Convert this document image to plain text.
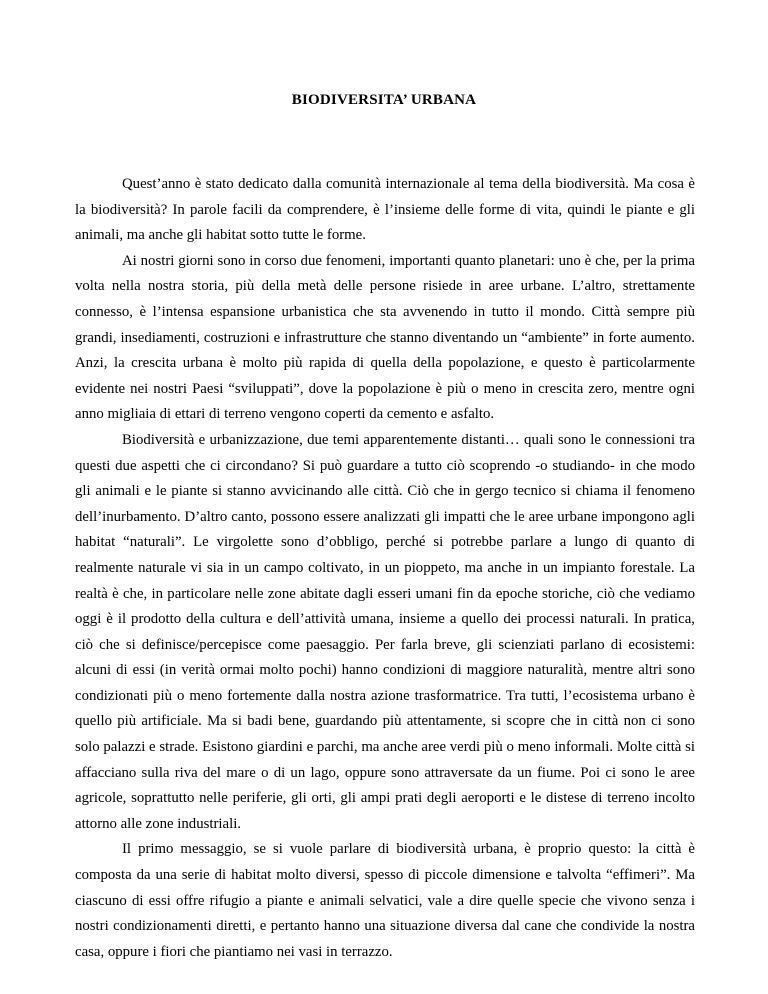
BIODIVERSITA’ URBANA

Quest’anno è stato dedicato dalla comunità internazionale al tema della biodiversità. Ma cosa è la biodiversità? In parole facili da comprendere, è l’insieme delle forme di vita, quindi le piante e gli animali, ma anche gli habitat sotto tutte le forme.

Ai nostri giorni sono in corso due fenomeni, importanti quanto planetari: uno è che, per la prima volta nella nostra storia, più della metà delle persone risiede in aree urbane. L’altro, strettamente connesso, è l’intensa espansione urbanistica che sta avvenendo in tutto il mondo. Città sempre più grandi, insediamenti, costruzioni e infrastrutture che stanno diventando un “ambiente” in forte aumento. Anzi, la crescita urbana è molto più rapida di quella della popolazione, e questo è particolarmente evidente nei nostri Paesi “sviluppati”, dove la popolazione è più o meno in crescita zero, mentre ogni anno migliaia di ettari di terreno vengono coperti da cemento e asfalto.

Biodiversità e urbanizzazione, due temi apparentemente distanti… quali sono le connessioni tra questi due aspetti che ci circondano? Si può guardare a tutto ciò scoprendo -o studiando- in che modo gli animali e le piante si stanno avvicinando alle città. Ciò che in gergo tecnico si chiama il fenomeno dell’inurbamento. D’altro canto, possono essere analizzati gli impatti che le aree urbane impongono agli habitat “naturali”. Le virgolette sono d’obbligo, perché si potrebbe parlare a lungo di quanto di realmente naturale vi sia in un campo coltivato, in un pioppeto, ma anche in un impianto forestale. La realtà è che, in particolare nelle zone abitate dagli esseri umani fin da epoche storiche, ciò che vediamo oggi è il prodotto della cultura e dell’attività umana, insieme a quello dei processi naturali. In pratica, ciò che si definisce/percepisce come paesaggio. Per farla breve, gli scienziati parlano di ecosistemi: alcuni di essi (in verità ormai molto pochi) hanno condizioni di maggiore naturalità, mentre altri sono condizionati più o meno fortemente dalla nostra azione trasformatrice. Tra tutti, l’ecosistema urbano è quello più artificiale. Ma si badi bene, guardando più attentamente, si scopre che in città non ci sono solo palazzi e strade. Esistono giardini e parchi, ma anche aree verdi più o meno informali. Molte città si affacciano sulla riva del mare o di un lago, oppure sono attraversate da un fiume. Poi ci sono le aree agricole, soprattutto nelle periferie, gli orti, gli ampi prati degli aeroporti e le distese di terreno incolto attorno alle zone industriali.

Il primo messaggio, se si vuole parlare di biodiversità urbana, è proprio questo: la città è composta da una serie di habitat molto diversi, spesso di piccole dimensione e talvolta “effimeri”. Ma ciascuno di essi offre rifugio a piante e animali selvatici, vale a dire quelle specie che vivono senza i nostri condizionamenti diretti, e pertanto hanno una situazione diversa dal cane che condivide la nostra casa, oppure i fiori che piantiamo nei vasi in terrazzo.
